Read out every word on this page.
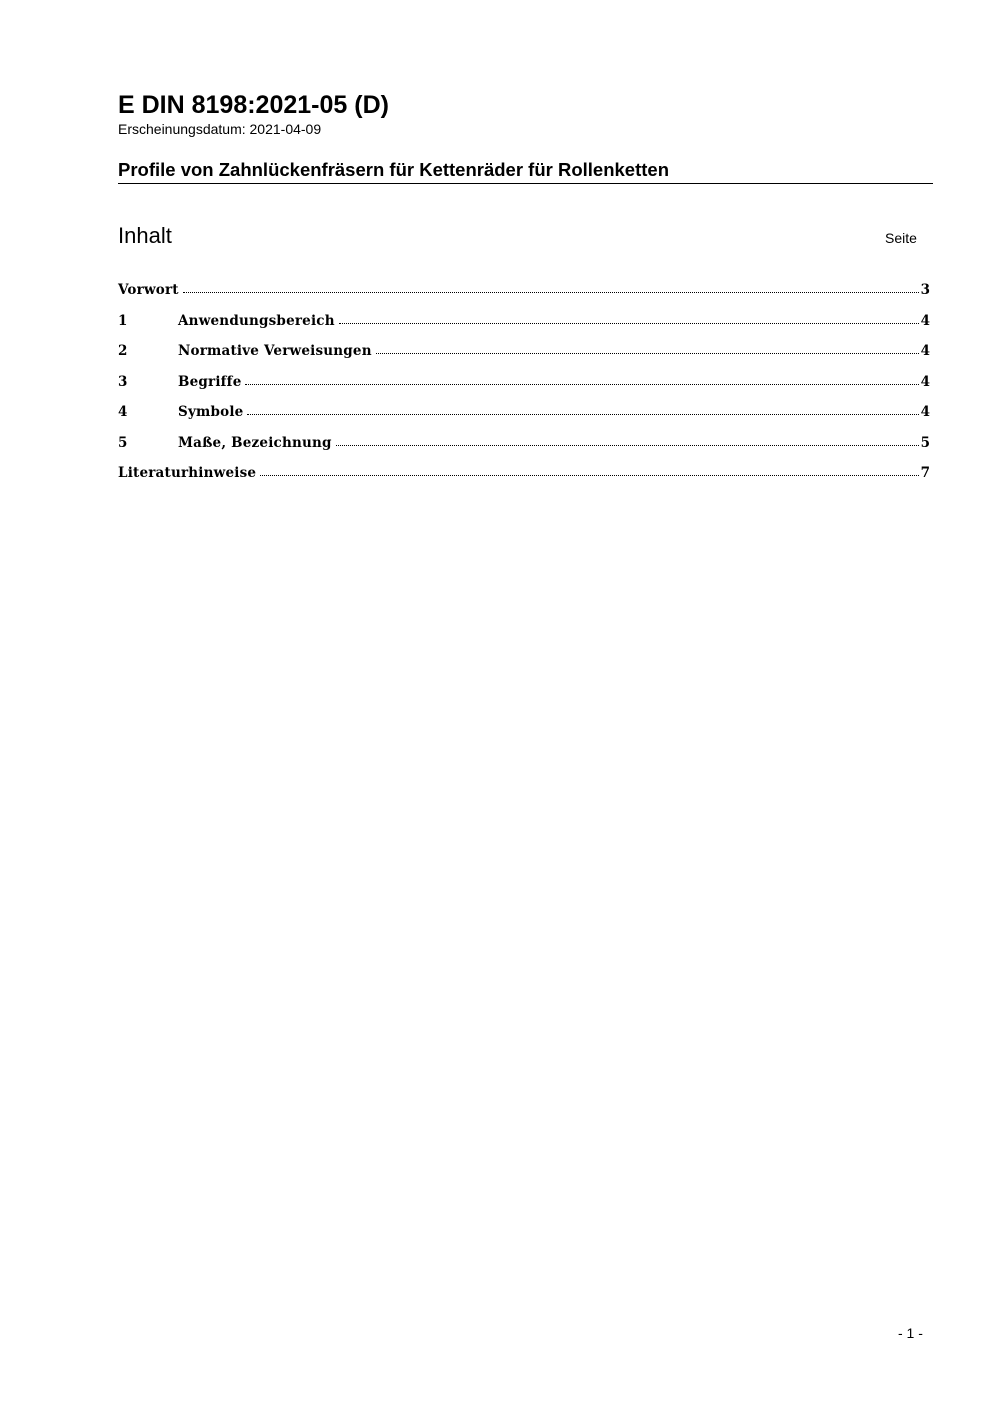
E DIN 8198:2021-05 (D)
Erscheinungsdatum: 2021-04-09
Profile von Zahnlückenfräsern für Kettenräder für Rollenketten
Inhalt	Seite
Vorwort	3
1	Anwendungsbereich	4
2	Normative Verweisungen	4
3	Begriffe	4
4	Symbole	4
5	Maße, Bezeichnung	5
Literaturhinweise	7
- 1 -
